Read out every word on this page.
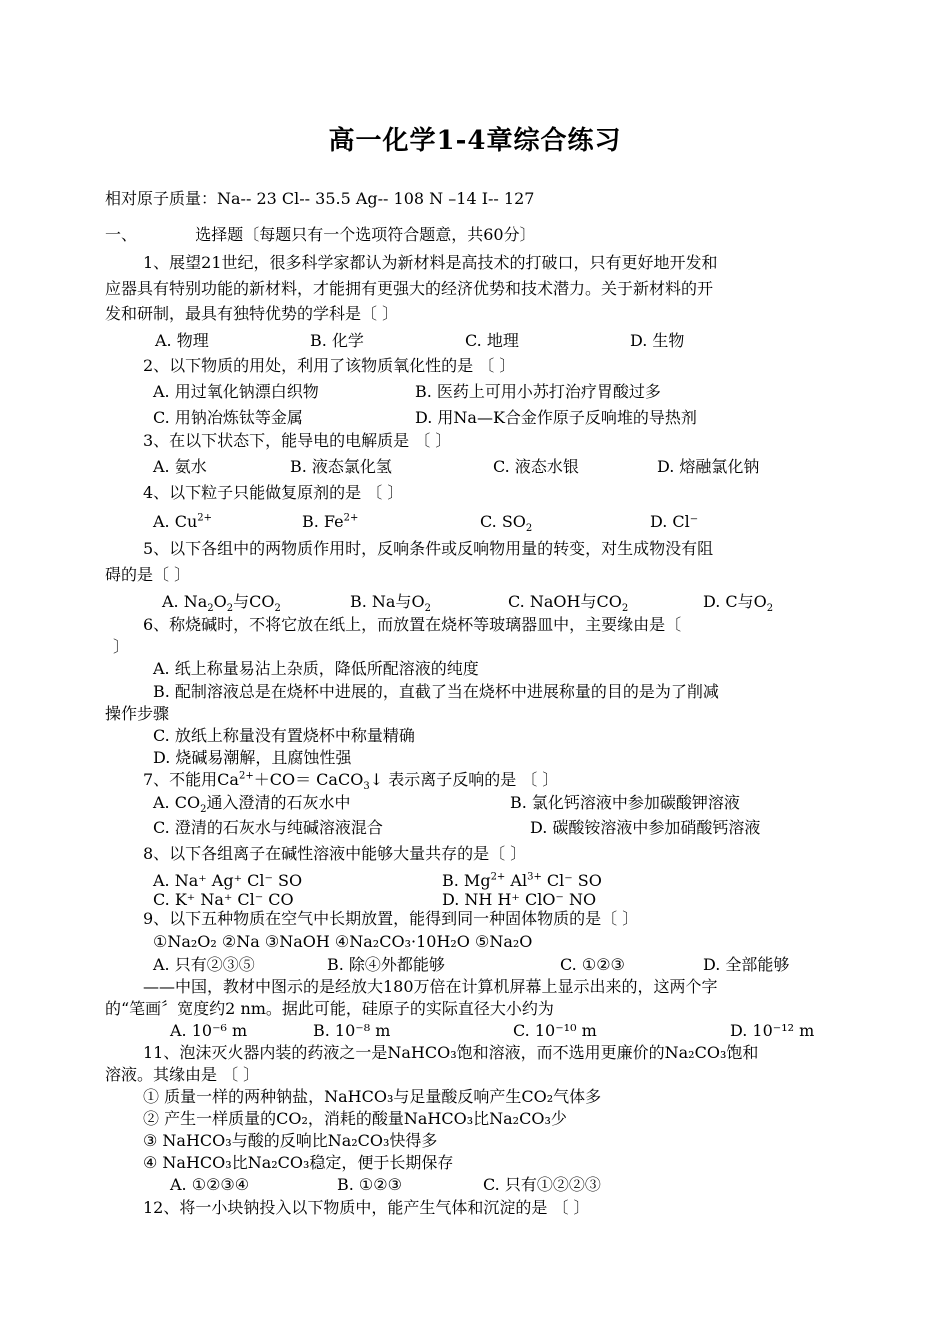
高一化学1-4章综合练习
相对原子质量：Na-- 23 Cl-- 35.5 Ag-- 108 N –14 I-- 127
一、	选择题〔每题只有一个选项符合题意，共60分〕
1、展望21世纪，很多科学家都认为新材料是高技术的打破口，只有更好地开发和
应器具有特别功能的新材料，才能拥有更强大的经济优势和技术潜力。关于新材料的开
发和研制，最具有独特优势的学科是〔 〕
A. 物理	B. 化学	C. 地理	D. 生物
2、以下物质的用处，利用了该物质氧化性的是 〔 〕
A. 用过氧化钠漂白织物	B. 医药上可用小苏打治疗胃酸过多
C. 用钠冶炼钛等金属	D. 用Na—K合金作原子反响堆的导热剂
3、在以下状态下，能导电的电解质是 〔 〕
A. 氨水	B. 液态氯化氢	C. 液态水银	D. 熔融氯化钠
4、以下粒子只能做复原剂的是 〔 〕
A. $Cu^{2+}$	B. $Fe^{2+}$	C. $SO_2$	D. Cl⁻
5、以下各组中的两物质作用时，反响条件或反响物用量的转变，对生成物没有阻
碍的是〔 〕
A. $Na_2O_2$与$CO_2$	B. Na与$O_2$	C. NaOH与$CO_2$	D. C与$O_2$
6、称烧碱时，不将它放在纸上，而放置在烧杯等玻璃器皿中，主要缘由是〔
〕
A. 纸上称量易沾上杂质，降低所配溶液的纯度
B. 配制溶液总是在烧杯中进展的，直截了当在烧杯中进展称量的目的是为了削减
操作步骤
C. 放纸上称量没有置烧杯中称量精确
D. 烧碱易潮解，且腐蚀性强
7、不能用$Ca^{2+}+CO=$ CaCO$_3$↓ 表示离子反响的是 〔 〕
A. $CO_2$通入澄清的石灰水中	B. 氯化钙溶液中参加碳酸钾溶液
C. 澄清的石灰水与纯碱溶液混合	D. 碳酸铵溶液中参加硝酸钙溶液
8、以下各组离子在碱性溶液中能够大量共存的是〔 〕
A. Na⁺ Ag⁺ Cl⁻ SO	B. $Mg^{2+}$ $Al^{3+}$ Cl⁻ SO
C. K⁺ Na⁺ Cl⁻ CO	D. NH H⁺ ClO⁻ NO
9、以下五种物质在空气中长期放置，能得到同一种固体物质的是〔 〕
①Na₂O₂ ②Na ③NaOH ④Na₂CO₃·10H₂O ⑤Na₂O
A. 只有②③⑤	B. 除④外都能够	C. ①②③	D. 全部能够
——中国，教材中图示的是经放大180万倍在计算机屏幕上显示出来的，这两个字
的“笔画〞宽度约2 nm。据此可能，硅原子的实际直径大小约为
A. 10⁻⁶ m	B. 10⁻⁸ m	C. 10⁻¹⁰ m	D. 10⁻¹² m
11、泡沫灭火器内装的药液之一是NaHCO₃饱和溶液，而不选用更廉价的Na₂CO₃饱和
溶液。其缘由是 〔 〕
① 质量一样的两种钠盐，NaHCO₃与足量酸反响产生CO₂气体多
② 产生一样质量的CO₂，消耗的酸量NaHCO₃比Na₂CO₃少
③ NaHCO₃与酸的反响比Na₂CO₃快得多
④ NaHCO₃比Na₂CO₃稳定，便于长期保存
A. ①②③④	B. ①②③	C. 只有①②②③
12、将一小块钠投入以下物质中，能产生气体和沉淀的是 〔 〕
